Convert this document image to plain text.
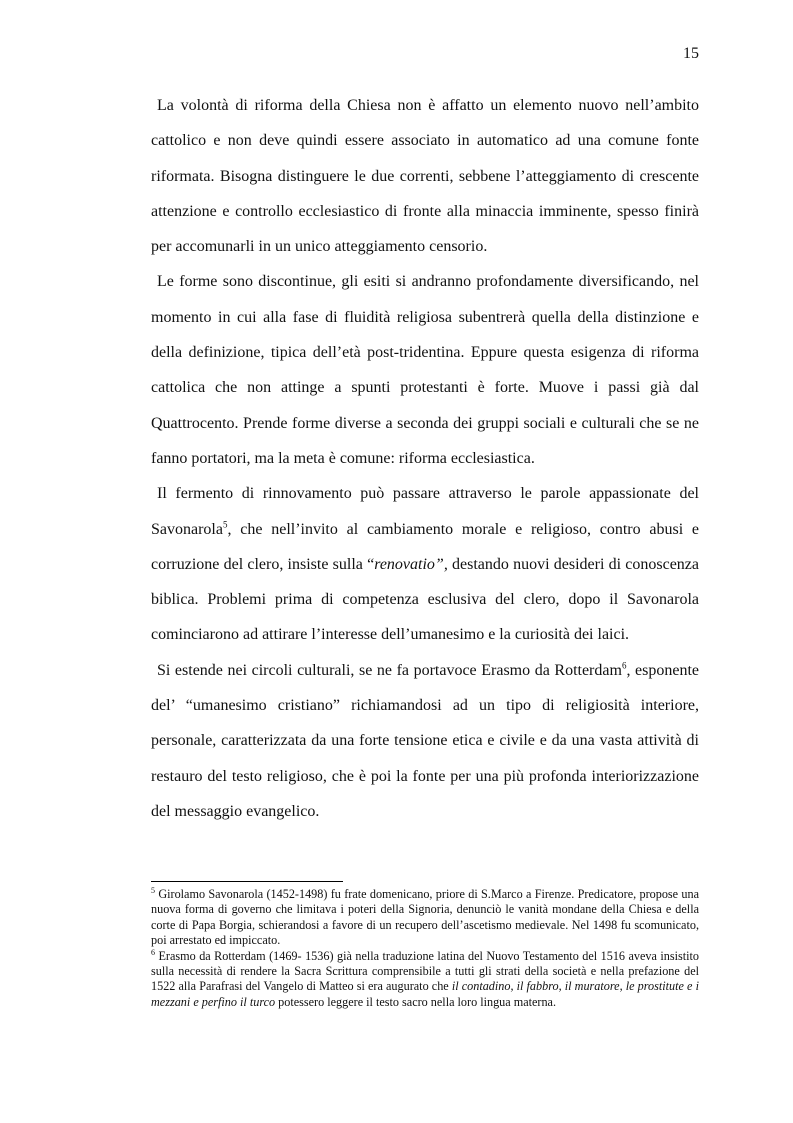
15

La volontà di riforma della Chiesa non è affatto un elemento nuovo nell’ambito cattolico e non deve quindi essere associato in automatico ad una comune fonte riformata. Bisogna distinguere le due correnti, sebbene l’atteggiamento di crescente attenzione e controllo ecclesiastico di fronte alla minaccia imminente, spesso finirà per accomunarli in un unico atteggiamento censorio.

Le forme sono discontinue, gli esiti si andranno profondamente diversificando, nel momento in cui alla fase di fluidità religiosa subentrerà quella della distinzione e della definizione, tipica dell’età post-tridentina. Eppure questa esigenza di riforma cattolica che non attinge a spunti protestanti è forte. Muove i passi già dal Quattrocento. Prende forme diverse a seconda dei gruppi sociali e culturali che se ne fanno portatori, ma la meta è comune: riforma ecclesiastica.

Il fermento di rinnovamento può passare attraverso le parole appassionate del Savonarola$^5$, che nell’invito al cambiamento morale e religioso, contro abusi e corruzione del clero, insiste sulla “renovatio”, destando nuovi desideri di conoscenza biblica. Problemi prima di competenza esclusiva del clero, dopo il Savonarola cominciarono ad attirare l’interesse dell’umanesimo e la curiosità dei laici.

Si estende nei circoli culturali, se ne fa portavoce Erasmo da Rotterdam$^6$, esponente del’ “umanesimo cristiano” richiamandosi ad un tipo di religiosità interiore, personale, caratterizzata da una forte tensione etica e civile e da una vasta attività di restauro del testo religioso, che è poi la fonte per una più profonda interiorizzazione del messaggio evangelico.

$^5$ Girolamo Savonarola (1452-1498) fu frate domenicano, priore di S.Marco a Firenze. Predicatore, propose una nuova forma di governo che limitava i poteri della Signoria, denunciò le vanità mondane della Chiesa e della corte di Papa Borgia, schierandosi a favore di un recupero dell’ascetismo medievale. Nel 1498 fu scomunicato, poi arrestato ed impiccato.

$^6$ Erasmo da Rotterdam (1469- 1536) già nella traduzione latina del Nuovo Testamento del 1516 aveva insistito sulla necessità di rendere la Sacra Scrittura comprensibile a tutti gli strati della società e nella prefazione del 1522 alla Parafrasi del Vangelo di Matteo si era augurato che il contadino, il fabbro, il muratore, le prostitute e i mezzani e perfino il turco potessero leggere il testo sacro nella loro lingua materna.
